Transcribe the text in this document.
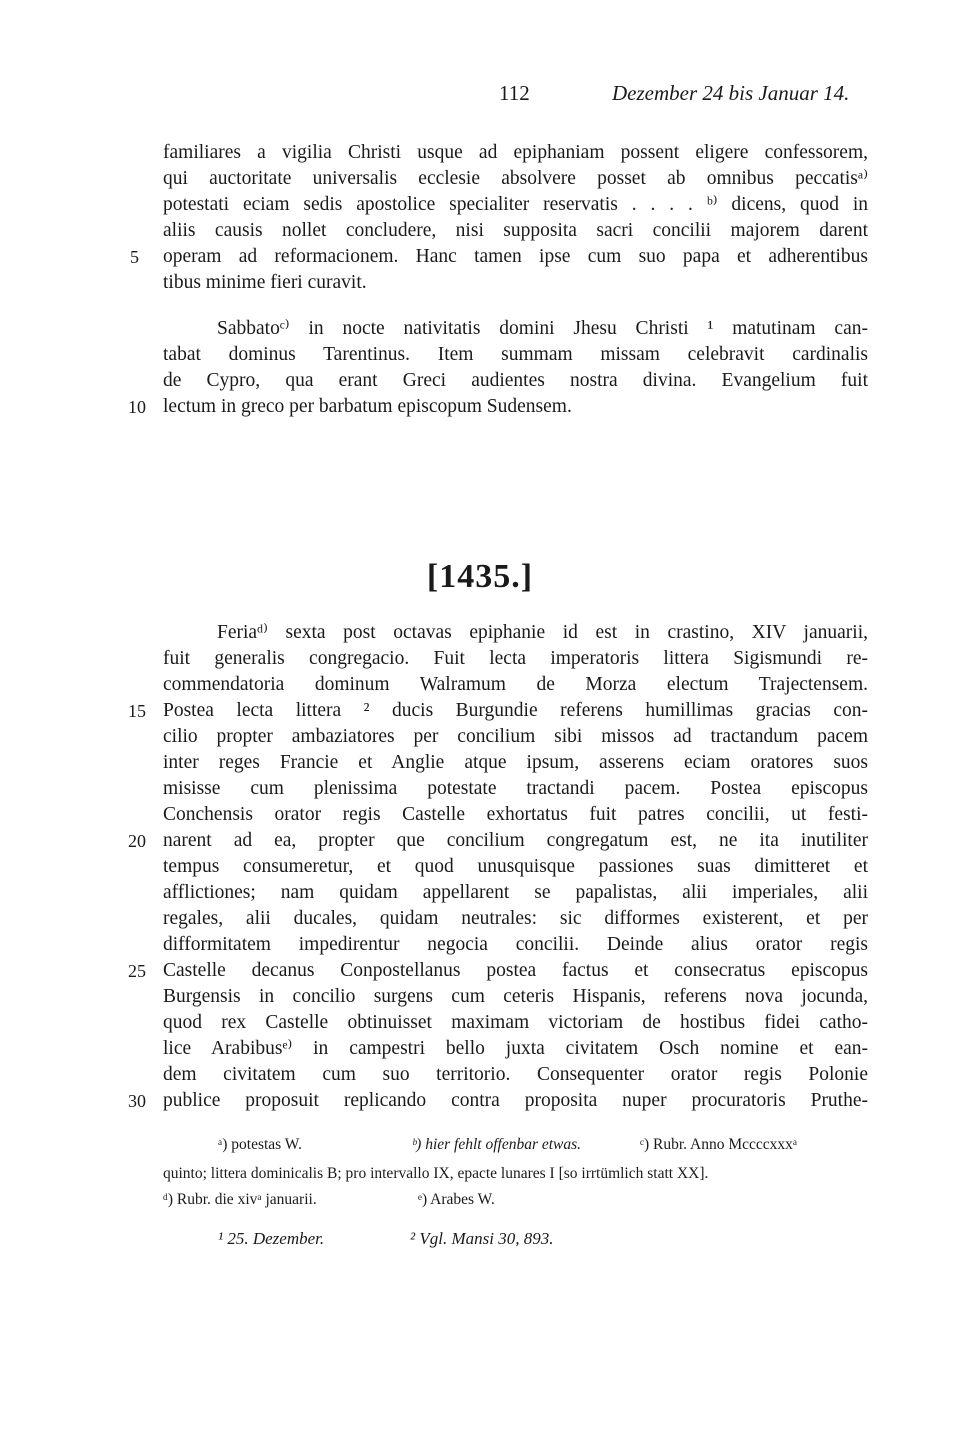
112	Dezember 24 bis Januar 14.
familiares a vigilia Christi usque ad epiphaniam possent eligere confessorem,
qui auctoritate universalis ecclesie absolvere posset ab omnibus peccatisᵃ⁾
potestati eciam sedis apostolice specialiter reservatis . . . . ᵇ⁾ dicens, quod in
aliis causis nollet concludere, nisi supposita sacri concilii majorem darent
operam ad reformacionem. Hanc tamen ipse cum suo papa et adherentibus
tibus minime fieri curavit.
Sabbatoᶜ⁾ in nocte nativitatis domini Jhesu Christi ¹ matutinam can-
tabat dominus Tarentinus. Item summam missam celebravit cardinalis
de Cypro, qua erant Greci audientes nostra divina. Evangelium fuit
lectum in greco per barbatum episcopum Sudensem.
[1435.]
Feriaᵈ⁾ sexta post octavas epiphanie id est in crastino, XIV januarii,
fuit generalis congregacio. Fuit lecta imperatoris littera Sigismundi re-
commendatoria dominum Walramum de Morza electum Trajectensem.
Postea lecta littera ² ducis Burgundie referens humillimas gracias con-
cilio propter ambaziatores per concilium sibi missos ad tractandum pacem
inter reges Francie et Anglie atque ipsum, asserens eciam oratores suos
misisse cum plenissima potestate tractandi pacem. Postea episcopus
Conchensis orator regis Castelle exhortatus fuit patres concilii, ut festi-
narent ad ea, propter que concilium congregatum est, ne ita inutiliter
tempus consumeretur, et quod unusquisque passiones suas dimitteret et
afflictiones; nam quidam appellarent se papalistas, alii imperiales, alii
regales, alii ducales, quidam neutrales: sic difformes existerent, et per
difformitatem impedirentur negocia concilii. Deinde alius orator regis
Castelle decanus Conpostellanus postea factus et consecratus episcopus
Burgensis in concilio surgens cum ceteris Hispanis, referens nova jocunda,
quod rex Castelle obtinuisset maximam victoriam de hostibus fidei catho-
lice Arabibusᵉ⁾ in campestri bello juxta civitatem Osch nomine et ean-
dem civitatem cum suo territorio. Consequenter orator regis Polonie
publice proposuit replicando contra proposita nuper procuratoris Pruthe-
5
10
15
20
25
30
ᵃ) potestas W.	ᵇ) hier fehlt offenbar etwas.	ᶜ) Rubr. Anno Mccccxxxᵃ
quinto; littera dominicalis B; pro intervallo IX, epacte lunares I [so irrtümlich statt XX].
ᵈ) Rubr. die xivᵃ januarii.	ᵉ) Arabes W.
¹ 25. Dezember.	² Vgl. Mansi 30, 893.
